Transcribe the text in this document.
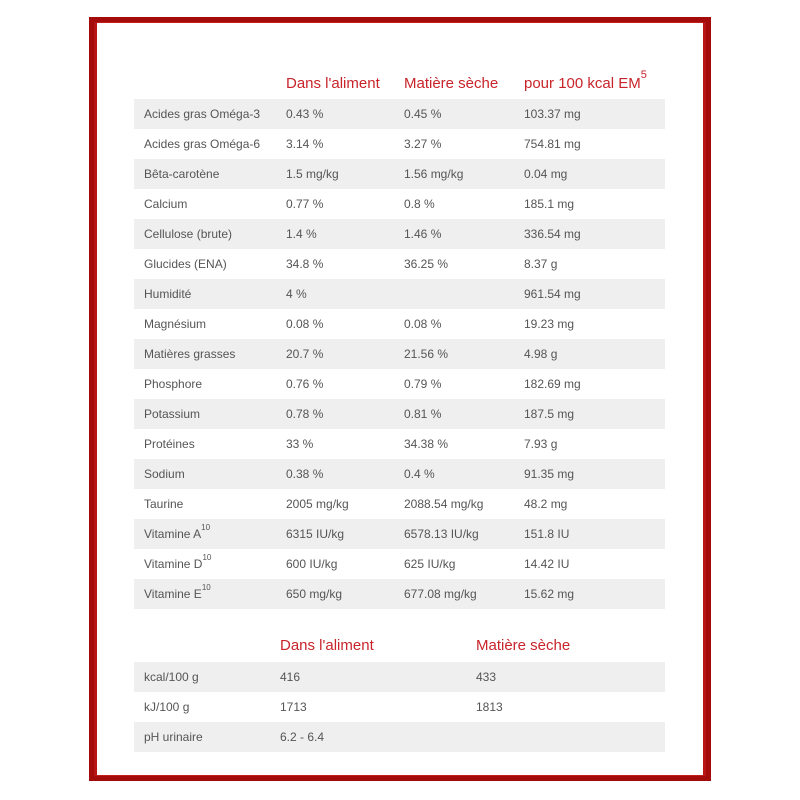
	Dans l'aliment	Matière sèche	pour 100 kcal $EM^5$
Acides gras Oméga-3	0.43 %	0.45 %	103.37 mg
Acides gras Oméga-6	3.14 %	3.27 %	754.81 mg
Bêta-carotène	1.5 mg/kg	1.56 mg/kg	0.04 mg
Calcium	0.77 %	0.8 %	185.1 mg
Cellulose (brute)	1.4 %	1.46 %	336.54 mg
Glucides (ENA)	34.8 %	36.25 %	8.37 g
Humidité	4 %		961.54 mg
Magnésium	0.08 %	0.08 %	19.23 mg
Matières grasses	20.7 %	21.56 %	4.98 g
Phosphore	0.76 %	0.79 %	182.69 mg
Potassium	0.78 %	0.81 %	187.5 mg
Protéines	33 %	34.38 %	7.93 g
Sodium	0.38 %	0.4 %	91.35 mg
Taurine	2005 mg/kg	2088.54 mg/kg	48.2 mg
Vitamine $A^{10}$	6315 IU/kg	6578.13 IU/kg	151.8 IU
Vitamine $D^{10}$	600 IU/kg	625 IU/kg	14.42 IU
Vitamine $E^{10}$	650 mg/kg	677.08 mg/kg	15.62 mg
	Dans l'aliment	Matière sèche
kcal/100 g	416	433
kJ/100 g	1713	1813
pH urinaire	6.2 - 6.4	
